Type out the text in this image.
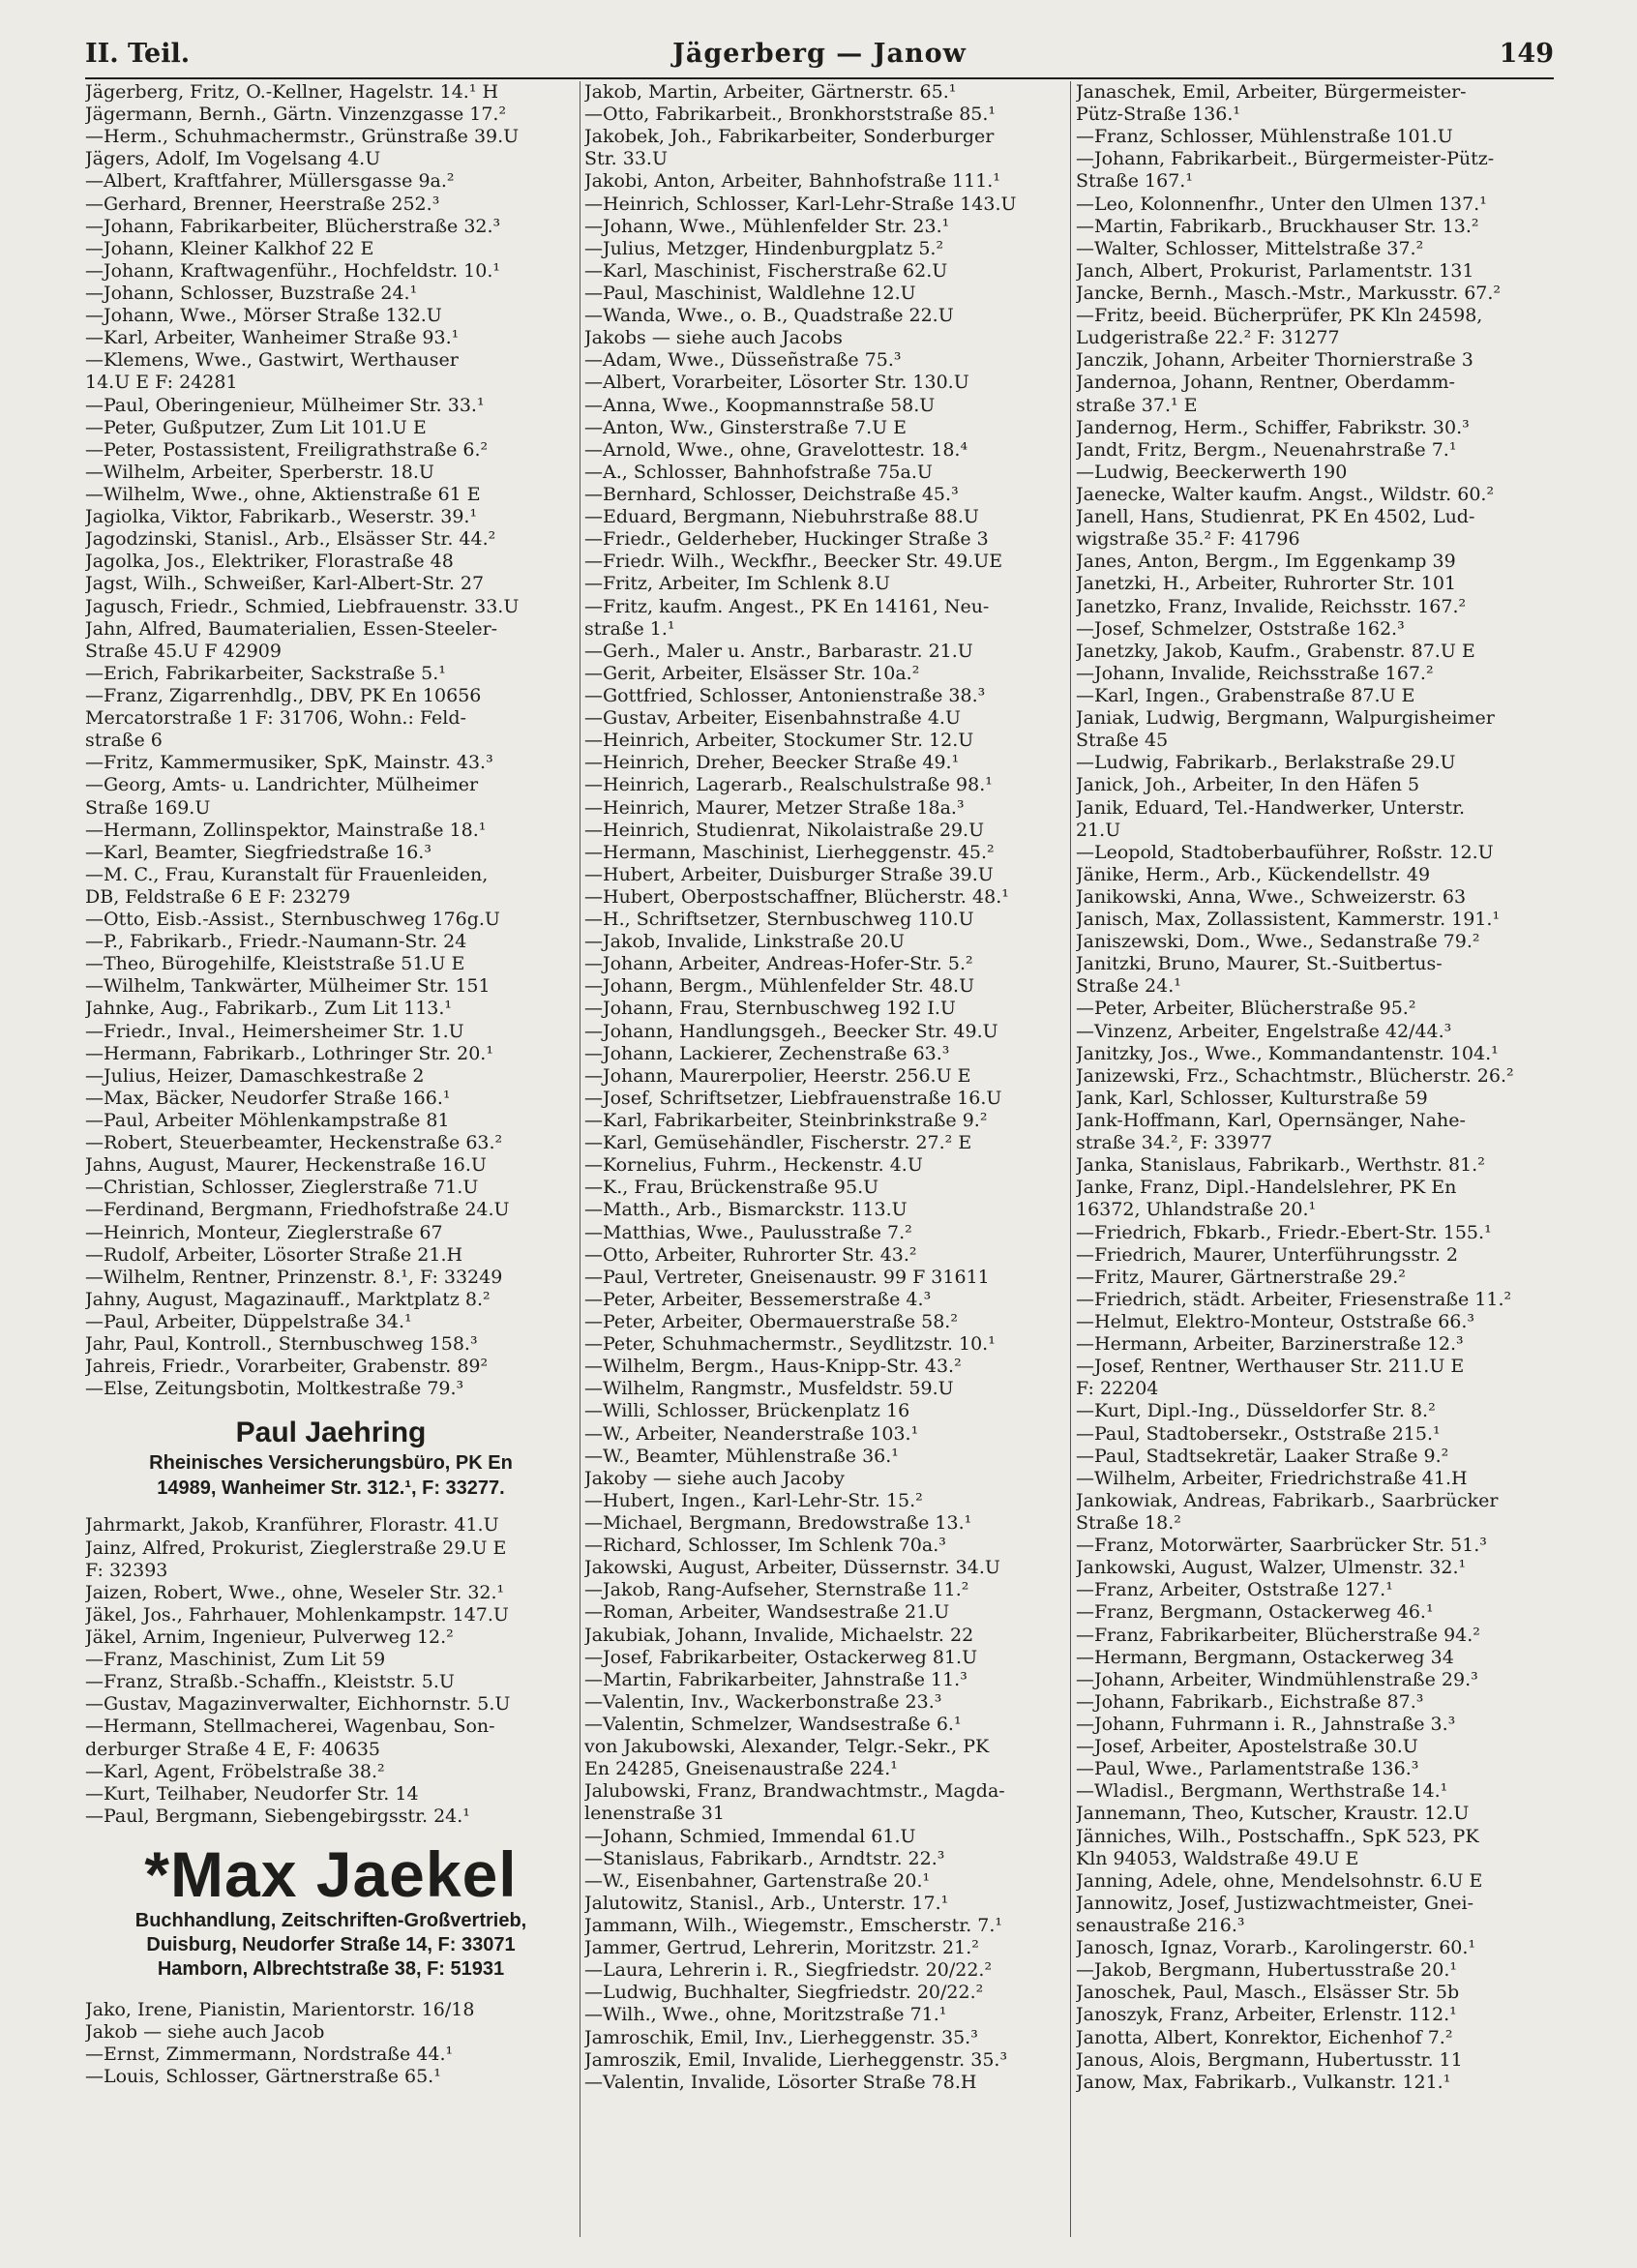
II. Teil.	Jägerberg — Janow	149
Jägerberg, Fritz, O.-Kellner, Hagelstr. 14.¹ H
Jägermann, Bernh., Gärtn. Vinzenzgasse 17.²
—Herm., Schuhmachermstr., Grünstraße 39.U
Jägers, Adolf, Im Vogelsang 4.U
—Albert, Kraftfahrer, Müllersgasse 9a.²
—Gerhard, Brenner, Heerstraße 252.³
—Johann, Fabrikarbeiter, Blücherstraße 32.³
—Johann, Kleiner Kalkhof 22 E
—Johann, Kraftwagenführ., Hochfeldstr. 10.¹
—Johann, Schlosser, Buzstraße 24.¹
—Johann, Wwe., Mörser Straße 132.U
—Karl, Arbeiter, Wanheimer Straße 93.¹
—Klemens, Wwe., Gastwirt, Werthauser
14.U E F: 24281
—Paul, Oberingenieur, Mülheimer Str. 33.¹
—Peter, Gußputzer, Zum Lit 101.U E
—Peter, Postassistent, Freiligrathstraße 6.²
—Wilhelm, Arbeiter, Sperberstr. 18.U
—Wilhelm, Wwe., ohne, Aktienstraße 61 E
Jagiolka, Viktor, Fabrikarb., Weserstr. 39.¹
Jagodzinski, Stanisl., Arb., Elsässer Str. 44.²
Jagolka, Jos., Elektriker, Florastraße 48
Jagst, Wilh., Schweißer, Karl-Albert-Str. 27
Jagusch, Friedr., Schmied, Liebfrauenstr. 33.U
Jahn, Alfred, Baumaterialien, Essen-Steeler-
Straße 45.U F 42909
—Erich, Fabrikarbeiter, Sackstraße 5.¹
—Franz, Zigarrenhdlg., DBV, PK En 10656
Mercatorstraße 1 F: 31706, Wohn.: Feld-
straße 6
—Fritz, Kammermusiker, SpK, Mainstr. 43.³
—Georg, Amts- u. Landrichter, Mülheimer
Straße 169.U
—Hermann, Zollinspektor, Mainstraße 18.¹
—Karl, Beamter, Siegfriedstraße 16.³
—M. C., Frau, Kuranstalt für Frauenleiden,
DB, Feldstraße 6 E F: 23279
—Otto, Eisb.-Assist., Sternbuschweg 176g.U
—P., Fabrikarb., Friedr.-Naumann-Str. 24
—Theo, Bürogehilfe, Kleiststraße 51.U E
—Wilhelm, Tankwärter, Mülheimer Str. 151
Jahnke, Aug., Fabrikarb., Zum Lit 113.¹
—Friedr., Inval., Heimersheimer Str. 1.U
—Hermann, Fabrikarb., Lothringer Str. 20.¹
—Julius, Heizer, Damaschkestraße 2
—Max, Bäcker, Neudorfer Straße 166.¹
—Paul, Arbeiter Möhlenkampstraße 81
—Robert, Steuerbeamter, Heckenstraße 63.²
Jahns, August, Maurer, Heckenstraße 16.U
—Christian, Schlosser, Zieglerstraße 71.U
—Ferdinand, Bergmann, Friedhofstraße 24.U
—Heinrich, Monteur, Zieglerstraße 67
—Rudolf, Arbeiter, Lösorter Straße 21.H
—Wilhelm, Rentner, Prinzenstr. 8.¹, F: 33249
Jahny, August, Magazinauff., Marktplatz 8.²
—Paul, Arbeiter, Düppelstraße 34.¹
Jahr, Paul, Kontroll., Sternbuschweg 158.³
Jahreis, Friedr., Vorarbeiter, Grabenstr. 89²
—Else, Zeitungsbotin, Moltkestraße 79.³
Paul Jaehring
Rheinisches Versicherungsbüro, PK En
14989, Wanheimer Str. 312.¹, F: 33277.
Jahrmarkt, Jakob, Kranführer, Florastr. 41.U
Jainz, Alfred, Prokurist, Zieglerstraße 29.U E
F: 32393
Jaizen, Robert, Wwe., ohne, Weseler Str. 32.¹
Jäkel, Jos., Fahrhauer, Mohlenkampstr. 147.U
Jäkel, Arnim, Ingenieur, Pulverweg 12.²
—Franz, Maschinist, Zum Lit 59
—Franz, Straßb.-Schaffn., Kleiststr. 5.U
—Gustav, Magazinverwalter, Eichhornstr. 5.U
—Hermann, Stellmacherei, Wagenbau, Son-
derburger Straße 4 E, F: 40635
—Karl, Agent, Fröbelstraße 38.²
—Kurt, Teilhaber, Neudorfer Str. 14
—Paul, Bergmann, Siebengebirgsstr. 24.¹
*Max Jaekel
Buchhandlung, Zeitschriften-Großvertrieb,
Duisburg, Neudorfer Straße 14, F: 33071
Hamborn, Albrechtstraße 38, F: 51931
Jako, Irene, Pianistin, Marientorstr. 16/18
Jakob — siehe auch Jacob
—Ernst, Zimmermann, Nordstraße 44.¹
—Louis, Schlosser, Gärtnerstraße 65.¹
Jakob, Martin, Arbeiter, Gärtnerstr. 65.¹
—Otto, Fabrikarbeit., Bronkhorststraße 85.¹
Jakobek, Joh., Fabrikarbeiter, Sonderburger
Str. 33.U
Jakobi, Anton, Arbeiter, Bahnhofstraße 111.¹
—Heinrich, Schlosser, Karl-Lehr-Straße 143.U
—Johann, Wwe., Mühlenfelder Str. 23.¹
—Julius, Metzger, Hindenburgplatz 5.²
—Karl, Maschinist, Fischerstraße 62.U
—Paul, Maschinist, Waldlehne 12.U
—Wanda, Wwe., o. B., Quadstraße 22.U
Jakobs — siehe auch Jacobs
—Adam, Wwe., Düsseñstraße 75.³
—Albert, Vorarbeiter, Lösorter Str. 130.U
—Anna, Wwe., Koopmannstraße 58.U
—Anton, Ww., Ginsterstraße 7.U E
—Arnold, Wwe., ohne, Gravelottestr. 18.⁴
—A., Schlosser, Bahnhofstraße 75a.U
—Bernhard, Schlosser, Deichstraße 45.³
—Eduard, Bergmann, Niebuhrstraße 88.U
—Friedr., Gelderheber, Huckinger Straße 3
—Friedr. Wilh., Weckfhr., Beecker Str. 49.UE
—Fritz, Arbeiter, Im Schlenk 8.U
—Fritz, kaufm. Angest., PK En 14161, Neu-
straße 1.¹
—Gerh., Maler u. Anstr., Barbarastr. 21.U
—Gerit, Arbeiter, Elsässer Str. 10a.²
—Gottfried, Schlosser, Antonienstraße 38.³
—Gustav, Arbeiter, Eisenbahnstraße 4.U
—Heinrich, Arbeiter, Stockumer Str. 12.U
—Heinrich, Dreher, Beecker Straße 49.¹
—Heinrich, Lagerarb., Realschulstraße 98.¹
—Heinrich, Maurer, Metzer Straße 18a.³
—Heinrich, Studienrat, Nikolaistraße 29.U
—Hermann, Maschinist, Lierheggenstr. 45.²
—Hubert, Arbeiter, Duisburger Straße 39.U
—Hubert, Oberpostschaffner, Blücherstr. 48.¹
—H., Schriftsetzer, Sternbuschweg 110.U
—Jakob, Invalide, Linkstraße 20.U
—Johann, Arbeiter, Andreas-Hofer-Str. 5.²
—Johann, Bergm., Mühlenfelder Str. 48.U
—Johann, Frau, Sternbuschweg 192 I.U
—Johann, Handlungsgeh., Beecker Str. 49.U
—Johann, Lackierer, Zechenstraße 63.³
—Johann, Maurerpolier, Heerstr. 256.U E
—Josef, Schriftsetzer, Liebfrauenstraße 16.U
—Karl, Fabrikarbeiter, Steinbrinkstraße 9.²
—Karl, Gemüsehändler, Fischerstr. 27.² E
—Kornelius, Fuhrm., Heckenstr. 4.U
—K., Frau, Brückenstraße 95.U
—Matth., Arb., Bismarckstr. 113.U
—Matthias, Wwe., Paulusstraße 7.²
—Otto, Arbeiter, Ruhrorter Str. 43.²
—Paul, Vertreter, Gneisenaustr. 99 F 31611
—Peter, Arbeiter, Bessemerstraße 4.³
—Peter, Arbeiter, Obermauerstraße 58.²
—Peter, Schuhmachermstr., Seydlitzstr. 10.¹
—Wilhelm, Bergm., Haus-Knipp-Str. 43.²
—Wilhelm, Rangmstr., Musfeldstr. 59.U
—Willi, Schlosser, Brückenplatz 16
—W., Arbeiter, Neanderstraße 103.¹
—W., Beamter, Mühlenstraße 36.¹
Jakoby — siehe auch Jacoby
—Hubert, Ingen., Karl-Lehr-Str. 15.²
—Michael, Bergmann, Bredowstraße 13.¹
—Richard, Schlosser, Im Schlenk 70a.³
Jakowski, August, Arbeiter, Düssernstr. 34.U
—Jakob, Rang-Aufseher, Sternstraße 11.²
—Roman, Arbeiter, Wandsestraße 21.U
Jakubiak, Johann, Invalide, Michaelstr. 22
—Josef, Fabrikarbeiter, Ostackerweg 81.U
—Martin, Fabrikarbeiter, Jahnstraße 11.³
—Valentin, Inv., Wackerbonstraße 23.³
—Valentin, Schmelzer, Wandsestraße 6.¹
von Jakubowski, Alexander, Telgr.-Sekr., PK
En 24285, Gneisenaustraße 224.¹
Jalubowski, Franz, Brandwachtmstr., Magda-
lenenstraße 31
—Johann, Schmied, Immendal 61.U
—Stanislaus, Fabrikarb., Arndtstr. 22.³
—W., Eisenbahner, Gartenstraße 20.¹
Jalutowitz, Stanisl., Arb., Unterstr. 17.¹
Jammann, Wilh., Wiegemstr., Emscherstr. 7.¹
Jammer, Gertrud, Lehrerin, Moritzstr. 21.²
—Laura, Lehrerin i. R., Siegfriedstr. 20/22.²
—Ludwig, Buchhalter, Siegfriedstr. 20/22.²
—Wilh., Wwe., ohne, Moritzstraße 71.¹
Jamroschik, Emil, Inv., Lierheggenstr. 35.³
Jamroszik, Emil, Invalide, Lierheggenstr. 35.³
—Valentin, Invalide, Lösorter Straße 78.H
Janaschek, Emil, Arbeiter, Bürgermeister-
Pütz-Straße 136.¹
—Franz, Schlosser, Mühlenstraße 101.U
—Johann, Fabrikarbeit., Bürgermeister-Pütz-
Straße 167.¹
—Leo, Kolonnenfhr., Unter den Ulmen 137.¹
—Martin, Fabrikarb., Bruckhauser Str. 13.²
—Walter, Schlosser, Mittelstraße 37.²
Janch, Albert, Prokurist, Parlamentstr. 131
Jancke, Bernh., Masch.-Mstr., Markusstr. 67.²
—Fritz, beeid. Bücherprüfer, PK Kln 24598,
Ludgeristraße 22.² F: 31277
Janczik, Johann, Arbeiter Thornierstraße 3
Jandernoa, Johann, Rentner, Oberdamm-
straße 37.¹ E
Jandernog, Herm., Schiffer, Fabrikstr. 30.³
Jandt, Fritz, Bergm., Neuenahrstraße 7.¹
—Ludwig, Beeckerwerth 190
Jaenecke, Walter kaufm. Angst., Wildstr. 60.²
Janell, Hans, Studienrat, PK En 4502, Lud-
wigstraße 35.² F: 41796
Janes, Anton, Bergm., Im Eggenkamp 39
Janetzki, H., Arbeiter, Ruhrorter Str. 101
Janetzko, Franz, Invalide, Reichsstr. 167.²
—Josef, Schmelzer, Oststraße 162.³
Janetzky, Jakob, Kaufm., Grabenstr. 87.U E
—Johann, Invalide, Reichsstraße 167.²
—Karl, Ingen., Grabenstraße 87.U E
Janiak, Ludwig, Bergmann, Walpurgisheimer
Straße 45
—Ludwig, Fabrikarb., Berlakstraße 29.U
Janick, Joh., Arbeiter, In den Häfen 5
Janik, Eduard, Tel.-Handwerker, Unterstr.
21.U
—Leopold, Stadtoberbauführer, Roßstr. 12.U
Jänike, Herm., Arb., Kückendellstr. 49
Janikowski, Anna, Wwe., Schweizerstr. 63
Janisch, Max, Zollassistent, Kammerstr. 191.¹
Janiszewski, Dom., Wwe., Sedanstraße 79.²
Janitzki, Bruno, Maurer, St.-Suitbertus-
Straße 24.¹
—Peter, Arbeiter, Blücherstraße 95.²
—Vinzenz, Arbeiter, Engelstraße 42/44.³
Janitzky, Jos., Wwe., Kommandantenstr. 104.¹
Janizewski, Frz., Schachtmstr., Blücherstr. 26.²
Jank, Karl, Schlosser, Kulturstraße 59
Jank-Hoffmann, Karl, Opernsänger, Nahe-
straße 34.², F: 33977
Janka, Stanislaus, Fabrikarb., Werthstr. 81.²
Janke, Franz, Dipl.-Handelslehrer, PK En
16372, Uhlandstraße 20.¹
—Friedrich, Fbkarb., Friedr.-Ebert-Str. 155.¹
—Friedrich, Maurer, Unterführungsstr. 2
—Fritz, Maurer, Gärtnerstraße 29.²
—Friedrich, städt. Arbeiter, Friesenstraße 11.²
—Helmut, Elektro-Monteur, Oststraße 66.³
—Hermann, Arbeiter, Barzinerstraße 12.³
—Josef, Rentner, Werthauser Str. 211.U E
F: 22204
—Kurt, Dipl.-Ing., Düsseldorfer Str. 8.²
—Paul, Stadtobersekr., Oststraße 215.¹
—Paul, Stadtsekretär, Laaker Straße 9.²
—Wilhelm, Arbeiter, Friedrichstraße 41.H
Jankowiak, Andreas, Fabrikarb., Saarbrücker
Straße 18.²
—Franz, Motorwärter, Saarbrücker Str. 51.³
Jankowski, August, Walzer, Ulmenstr. 32.¹
—Franz, Arbeiter, Oststraße 127.¹
—Franz, Bergmann, Ostackerweg 46.¹
—Franz, Fabrikarbeiter, Blücherstraße 94.²
—Hermann, Bergmann, Ostackerweg 34
—Johann, Arbeiter, Windmühlenstraße 29.³
—Johann, Fabrikarb., Eichstraße 87.³
—Johann, Fuhrmann i. R., Jahnstraße 3.³
—Josef, Arbeiter, Apostelstraße 30.U
—Paul, Wwe., Parlamentstraße 136.³
—Wladisl., Bergmann, Werthstraße 14.¹
Jannemann, Theo, Kutscher, Kraustr. 12.U
Jänniches, Wilh., Postschaffn., SpK 523, PK
Kln 94053, Waldstraße 49.U E
Janning, Adele, ohne, Mendelsohnstr. 6.U E
Jannowitz, Josef, Justizwachtmeister, Gnei-
senaustraße 216.³
Janosch, Ignaz, Vorarb., Karolingerstr. 60.¹
—Jakob, Bergmann, Hubertusstraße 20.¹
Janoschek, Paul, Masch., Elsässer Str. 5b
Janoszyk, Franz, Arbeiter, Erlenstr. 112.¹
Janotta, Albert, Konrektor, Eichenhof 7.²
Janous, Alois, Bergmann, Hubertusstr. 11
Janow, Max, Fabrikarb., Vulkanstr. 121.¹
